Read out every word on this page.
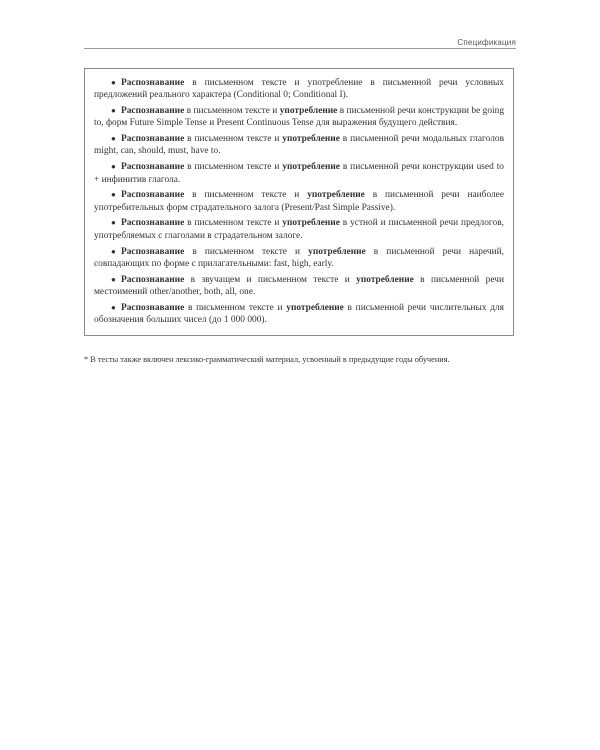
Спецификация

● Распознавание в письменном тексте и употребление в письменной речи условных предложений реального характера (Conditional 0; Conditional I).

● Распознавание в письменном тексте и употребление в письменной речи конструкции be going to, форм Future Simple Tense и Present Continuous Tense для выражения будущего действия.

● Распознавание в письменном тексте и употребление в письменной речи модальных глаголов might, can, should, must, have to.

● Распознавание в письменном тексте и употребление в письменной речи конструкции used to + инфинитив глагола.

● Распознавание в письменном тексте и употребление в письменной речи наиболее употребительных форм страдательного залога (Present/Past Simple Passive).

● Распознавание в письменном тексте и употребление в устной и письменной речи предлогов, употребляемых с глаголами в страдательном залоге.

● Распознавание в письменном тексте и употребление в письменной речи наречий, совпадающих по форме с прилагательными: fast, high, early.

● Распознавание в звучащем и письменном тексте и употребление в письменной речи местоимений other/another, both, all, one.

● Распознавание в письменном тексте и употребление в письменной речи числительных для обозначения больших чисел (до 1 000 000).

* В тесты также включен лексико-грамматический материал, усвоенный в предыдущие годы обучения.
